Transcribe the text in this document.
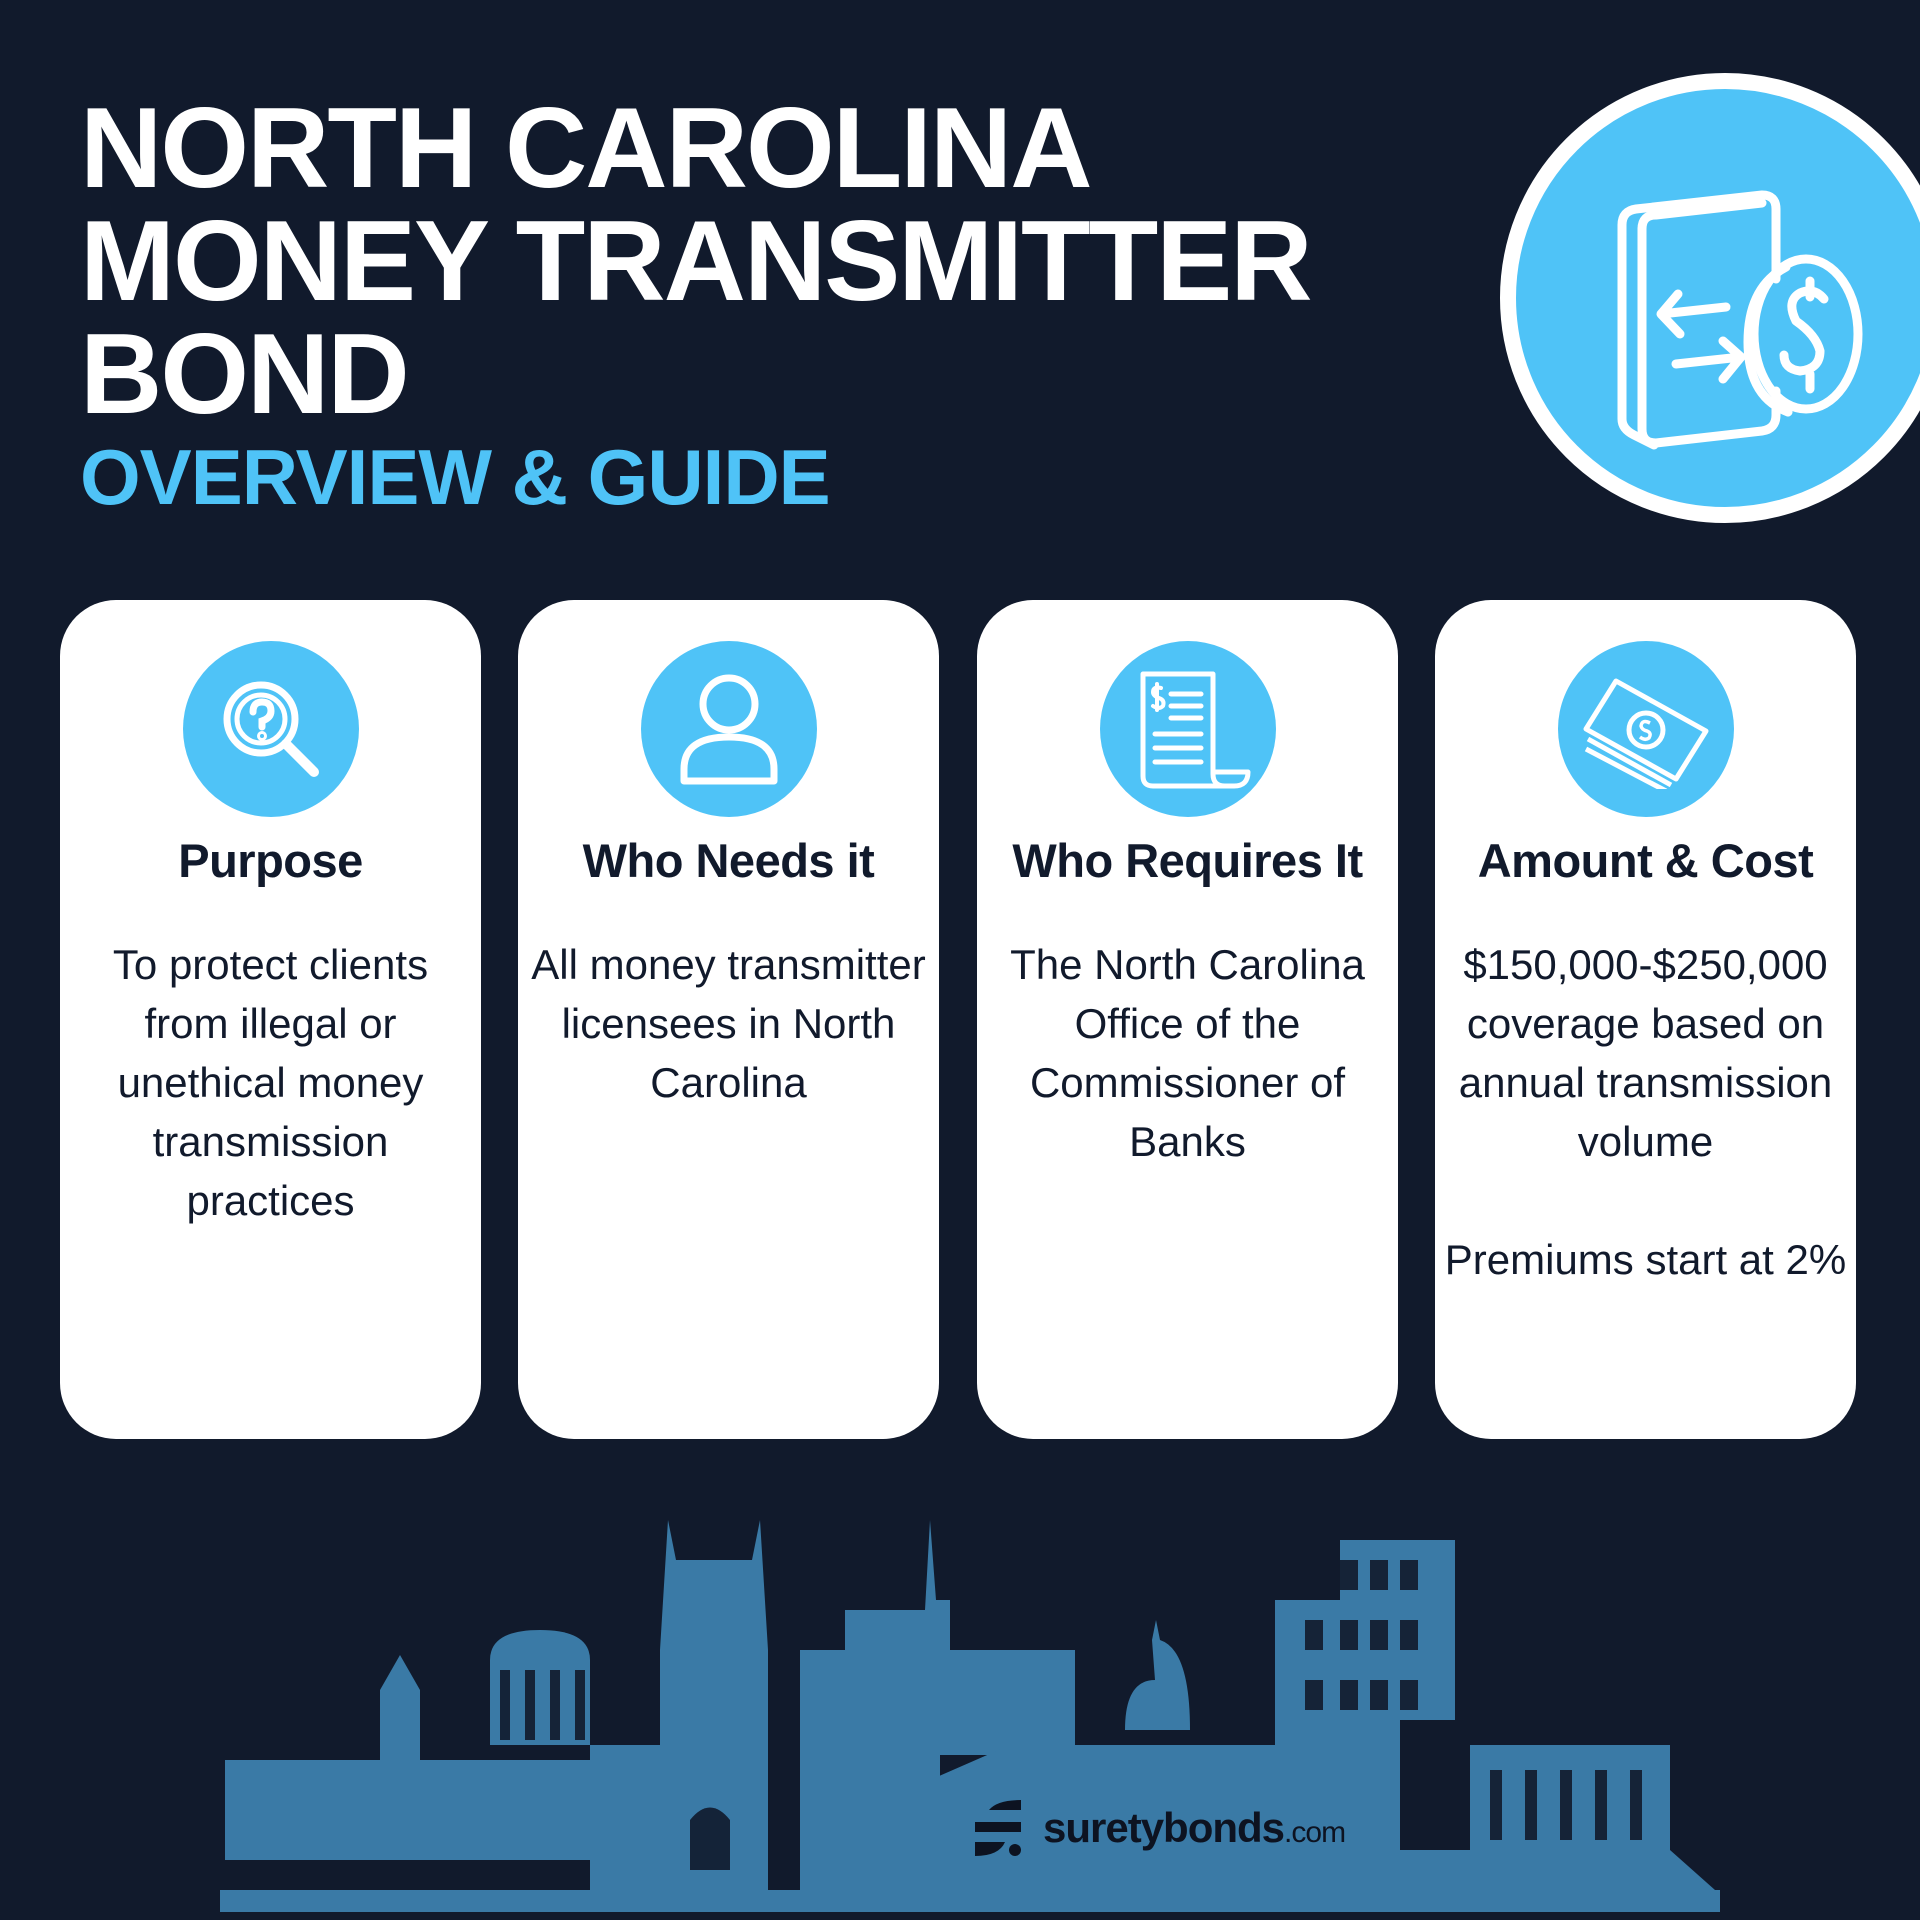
NORTH CAROLINA
MONEY TRANSMITTER
BOND
OVERVIEW & GUIDE
Purpose

To protect clients from illegal or unethical money transmission practices

Who Needs it

All money transmitter licensees in North Carolina

Who Requires It

The North Carolina Office of the Commissioner of Banks

Amount & Cost

$150,000-$250,000 coverage based on annual transmission volume

Premiums start at 2%

suretybonds.com
